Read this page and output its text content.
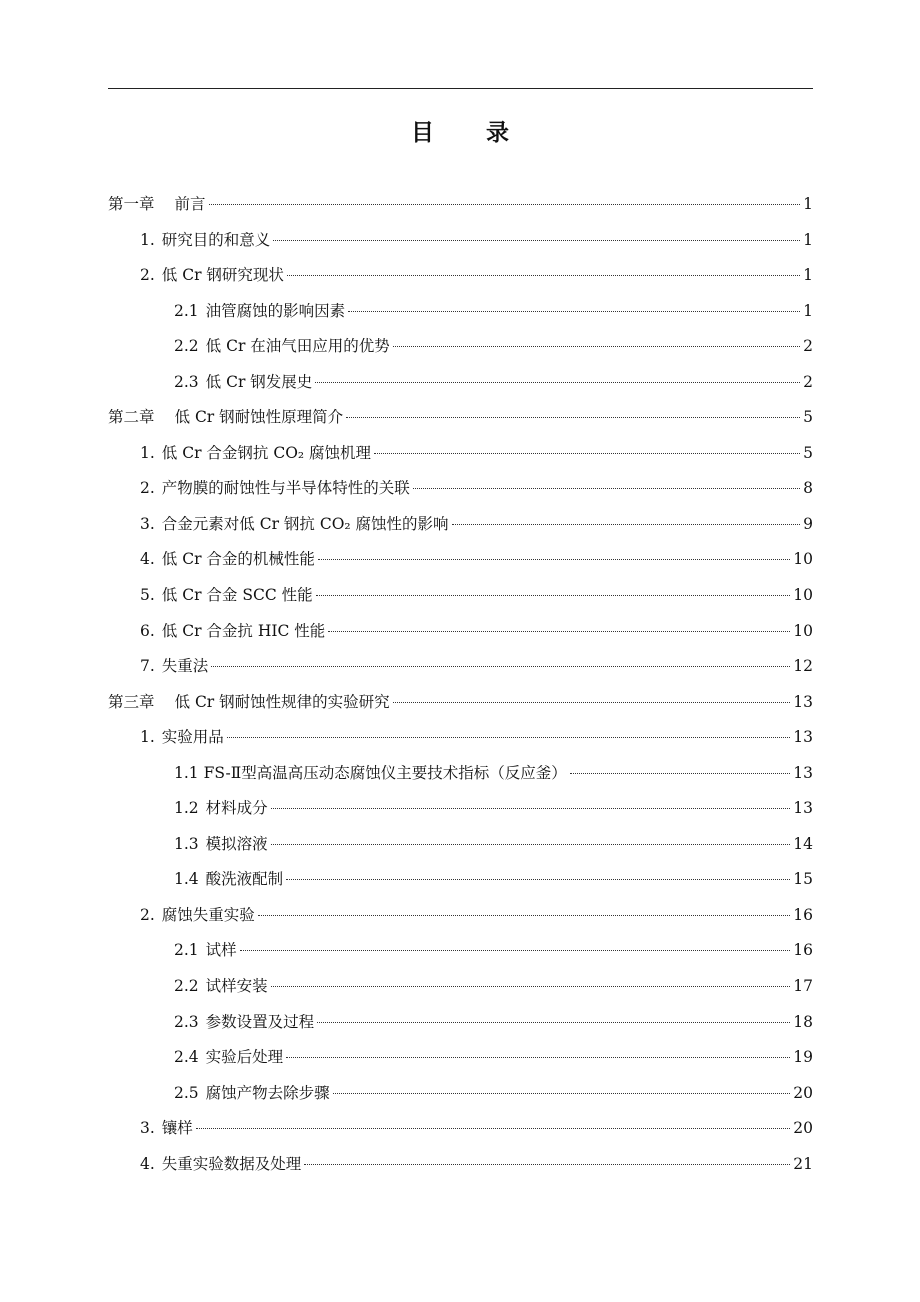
目 录
第一章 前言	1
1. 研究目的和意义	1
2. 低 Cr 钢研究现状	1
2.1 油管腐蚀的影响因素	1
2.2 低 Cr 在油气田应用的优势	2
2.3 低 Cr 钢发展史	2
第二章 低 Cr 钢耐蚀性原理简介	5
1. 低 Cr 合金钢抗 CO₂ 腐蚀机理	5
2. 产物膜的耐蚀性与半导体特性的关联	8
3. 合金元素对低 Cr 钢抗 CO₂ 腐蚀性的影响	9
4. 低 Cr 合金的机械性能	10
5. 低 Cr 合金 SCC 性能	10
6. 低 Cr 合金抗 HIC 性能	10
7. 失重法	12
第三章 低 Cr 钢耐蚀性规律的实验研究	13
1. 实验用品	13
1.1 FS-Ⅱ型高温高压动态腐蚀仪主要技术指标（反应釜）	13
1.2 材料成分	13
1.3 模拟溶液	14
1.4 酸洗液配制	15
2. 腐蚀失重实验	16
2.1 试样	16
2.2 试样安装	17
2.3 参数设置及过程	18
2.4 实验后处理	19
2.5 腐蚀产物去除步骤	20
3. 镶样	20
4. 失重实验数据及处理	21
